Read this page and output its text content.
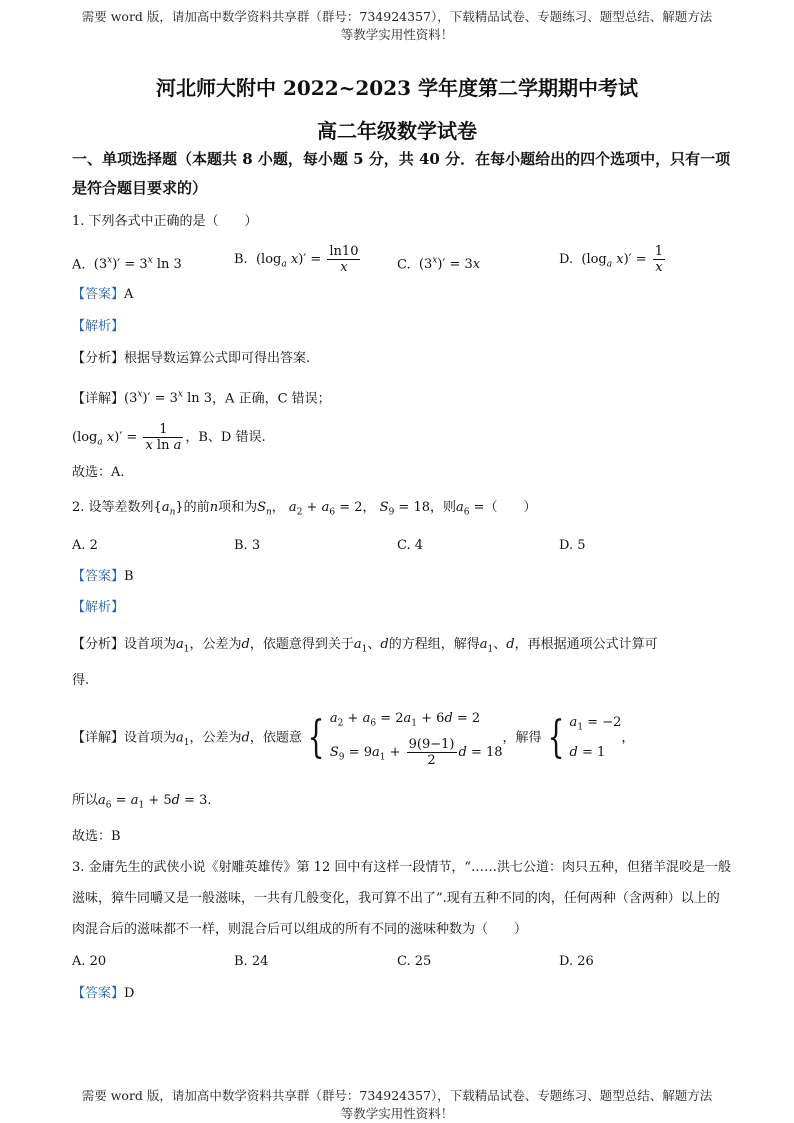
需要 word 版，请加高中数学资料共享群（群号：734924357），下载精品试卷、专题练习、题型总结、解题方法
等教学实用性资料！
河北师大附中 2022~2023 学年度第二学期期中考试
高二年级数学试卷
一、单项选择题（本题共 8 小题，每小题 5 分，共 40 分．在每小题给出的四个选项中，只有一项是符合题目要求的）
1. 下列各式中正确的是（　　）
A.  $(3^x)' = 3^x$ ln 3	B.  ($\log_a$ $x)' = \frac{\ln 10}{x}$	C.  $(3^x)' = 3x$	D.  ($\log_a$ $x)' = \frac{1}{x}$
【答案】A
【解析】
【分析】根据导数运算公式即可得出答案.
【详解】$(3^x)' = 3^x$ ln 3，A 正确，C 错误；
($\log_a$ $x)' = \frac{1}{\text{x ln a}}$ ，B、D 错误.
故选：A.
2. 设等差数列$\{a_n\}$的前n项和为$S_n$， $a_2 + a_6 = 2$， $S_9 = 18$，则$a_6$ =（　　）
A. 2	B. 3	C. 4	D. 5
【答案】B
【解析】
【分析】设首项为$a_1$，公差为d，依题意得到关于$a_1$、d的方程组，解得$a_1$、d，再根据通项公式计算可
得.
【详解】设首项为$a_1$，公差为d，依题意 { $a_2 + a_6 = 2a_1 + 6d = 2$
$S_9 = 9a_1 + \frac{9(9-1)}{2}$ d = 18
，解得 { $a_1 = -2$
d = 1
，
所以$a_6 = a_1 + 5d = 3$.
故选：B
3. 金庸先生的武侠小说《射雕英雄传》第 12 回中有这样一段情节，“……洪七公道：肉只五种，但猪羊混咬是一般滋味，獐牛同嚼又是一般滋味，一共有几般变化，我可算不出了”.现有五种不同的肉，任何两种（含两种）以上的肉混合后的滋味都不一样，则混合后可以组成的所有不同的滋味种数为（　　）
A. 20	B. 24	C. 25	D. 26
【答案】D
需要 word 版，请加高中数学资料共享群（群号：734924357），下载精品试卷、专题练习、题型总结、解题方法
等教学实用性资料！
